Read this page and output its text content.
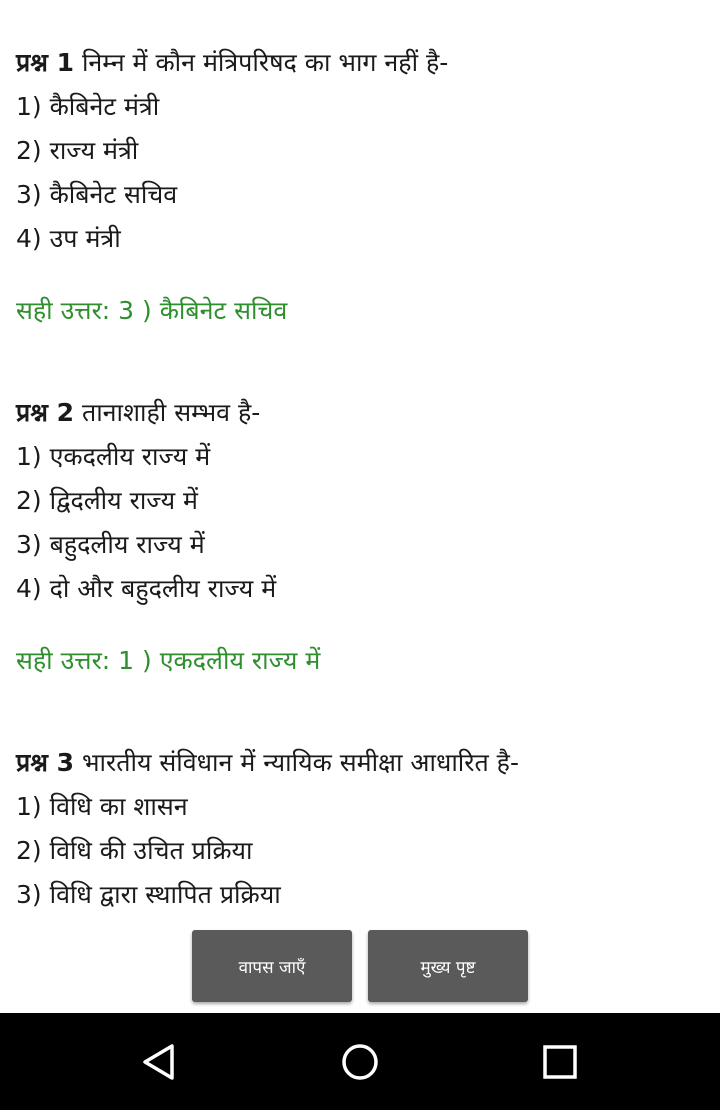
प्रश्न 1 निम्न में कौन मंत्रिपरिषद का भाग नहीं है-
1) कैबिनेट मंत्री
2) राज्य मंत्री
3) कैबिनेट सचिव
4) उप मंत्री
सही उत्तर: 3 ) कैबिनेट सचिव
प्रश्न 2 तानाशाही सम्भव है-
1) एकदलीय राज्य में
2) द्विदलीय राज्य में
3) बहुदलीय राज्य में
4) दो और बहुदलीय राज्य में
सही उत्तर: 1 ) एकदलीय राज्य में
प्रश्न 3 भारतीय संविधान में न्यायिक समीक्षा आधारित है-
1) विधि का शासन
2) विधि की उचित प्रक्रिया
3) विधि द्वारा स्थापित प्रक्रिया
वापस जाएँ	मुख्य पृष्ट
